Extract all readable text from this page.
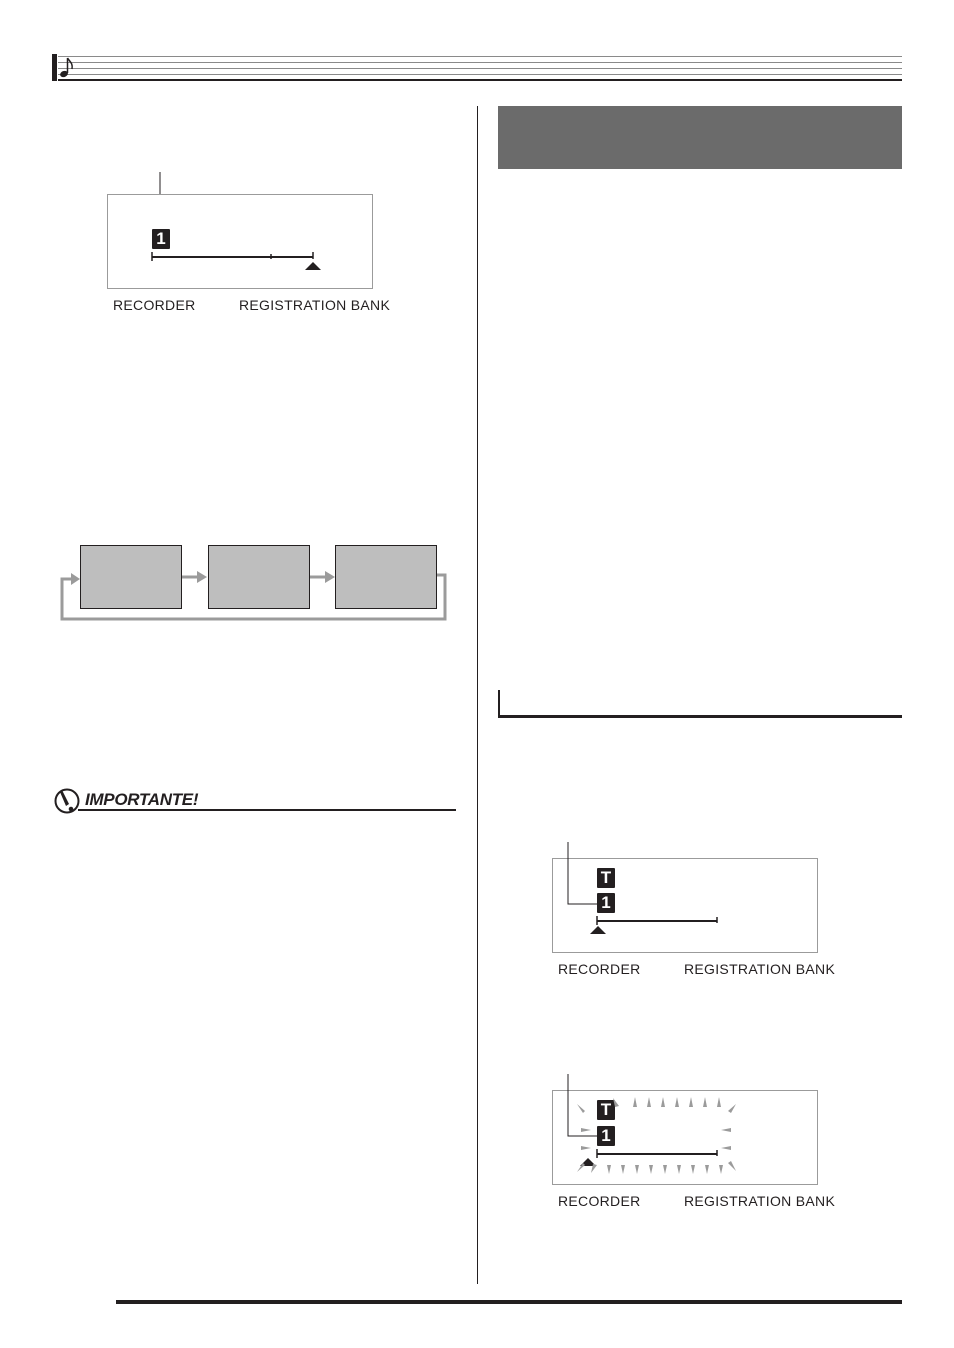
1
RECORDER	REGISTRATION BANK
IMPORTANTE!
T
1
RECORDER	REGISTRATION BANK
T
1
RECORDER	REGISTRATION BANK
